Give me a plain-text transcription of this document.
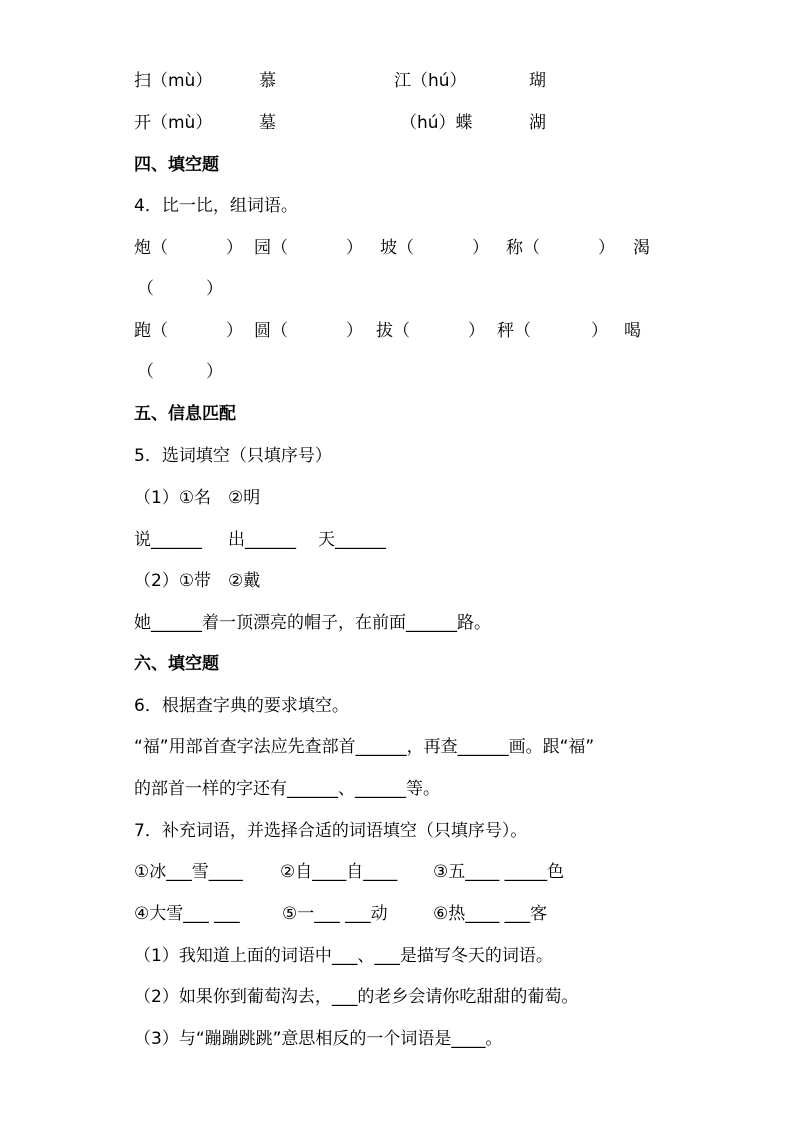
扫（mù）	慕	江（hú）	瑚
开（mù）	墓	（hú）蝶	湖
四、填空题
4．比一比，组词语。
炮（	） 园（	） 坡（	） 称（	） 渴
（	）
跑（	） 圆（	） 拔（	） 秤（	） 喝
（	）
五、信息匹配
5．选词填空（只填序号）
（1）①名　②明
说______ 出______ 天______
（2）①带　②戴
她______着一顶漂亮的帽子，在前面______路。
六、填空题
6．根据查字典的要求填空。
“福”用部首查字法应先查部首______，再查______画。跟“福”
的部首一样的字还有______、______等。
7．补充词语，并选择合适的词语填空（只填序号）。
①冰___雪____ ②自____自____ ③五____ _____色
④大雪___ ___ ⑤一___ ___动	⑥热____ ___客
（1）我知道上面的词语中___、___是描写冬天的词语。
（2）如果你到葡萄沟去，___的老乡会请你吃甜甜的葡萄。
（3）与“蹦蹦跳跳”意思相反的一个词语是____。
